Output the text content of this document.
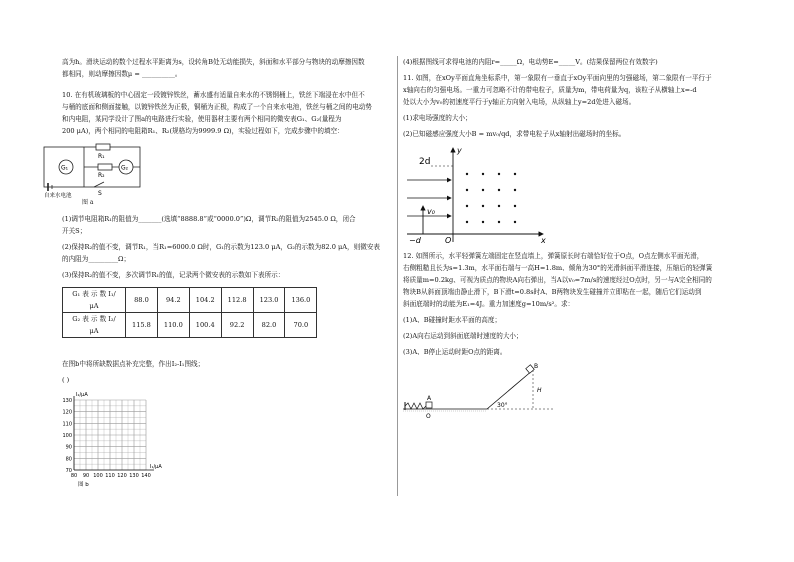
高为h。滑块运动的数个过程水平距离为s，设转角B处无动能损失，斜面和水平部分与物块的动摩擦因数
都相同，则动摩擦因数μ = __________。

10. 在有机玻璃板的中心固定一段镀锌铁丝，蓄水盛有适量自来水的不锈钢桶上，铁丝下端浸在水中但不
与桶的底面和侧面接触，以镀锌铁丝为正极，铜桶为正极，构成了一个自来水电池，铁丝与桶之间的电动势
和内电阻，某同学设计了图a的电路进行实验，使用器材主要有两个相同的微安表G₁、G₂(量程为
200 μA)，两个相同的电阻箱R₁、R₂(规格均为9999.9 Ω)，实验过程如下，完成步骤中的填空：

R₁
G₁	G₂
R₂
S
自来水电池
图 a

(1)调节电阻箱R₁的阻值为_______(选填“8888.8”或“0000.0”)Ω，调节R₂的阻值为2545.0 Ω，闭合
开关S；

(2)保持R₂的值不变，调节R₁，当R₁=6000.0 Ω时，G₁的示数为123.0 μA，G₂的示数为82.0 μA，则微安表
的内阻为_________Ω；

(3)保持R₂的值不变，多次调节R₁的值，记录两个微安表的示数如下表所示：

G₁ 表 示 数 I₁/μA	88.0	94.2	104.2	112.8	123.0	136.0
G₂ 表 示 数 I₂/μA	115.8	110.0	100.4	92.2	82.0	70.0

在图b中将所缺数据点补充完整，作出I₂-I₁图线；

( )

130
120
110
100
90
80
70
80 90 100 110 120 130 140
I₂/μA
I₁/μA
图 b

(4)根据图线可求得电池的内阻r=_____Ω，电动势E=_____V。(结果保留两位有效数字)

11. 如图，在xOy平面直角坐标系中，第一象限有一垂直于xOy平面向里的匀强磁场，第二象限有一平行于
x轴向右的匀强电场。一重力可忽略不计的带电粒子，质量为m，带电荷量为q，该粒子从横轴上x=-d
处以大小为v₀的初速度平行于y轴正方向射入电场，从纵轴上y=2d处进入磁场。

(1)求电场强度的大小；

(2)已知磁感应强度大小B = mv₀/qd，求带电粒子从x轴射出磁场时的坐标。

y
x
2d
v₀
O
−d

12. 如图所示，水平轻弹簧左端固定在竖直墙上，弹簧原长时右端恰好位于O点，O点左侧水平面光滑，
右侧粗糙且长为s=1.3m，水平面右端与一高H=1.8m、倾角为30°的光滑斜面平滑连接，压缩后的轻弹簧
将质量m=0.2kg、可视为质点的物块A向右弹出，当A以v₀=7m/s的速度经过O点时，另一与A完全相同的
物块B从斜面顶端由静止滑下，B下滑t=0.8s时A、B两物块发生碰撞并立即粘在一起，随后它们运动到
斜面底端时的动能为E₁=4J。重力加速度g=10m/s²。求：

(1)A、B碰撞时距水平面的高度；

(2)A向右运动到斜面底端时速度的大小；

(3)A、B停止运动时距O点的距离。

A
O
B
H
30°
